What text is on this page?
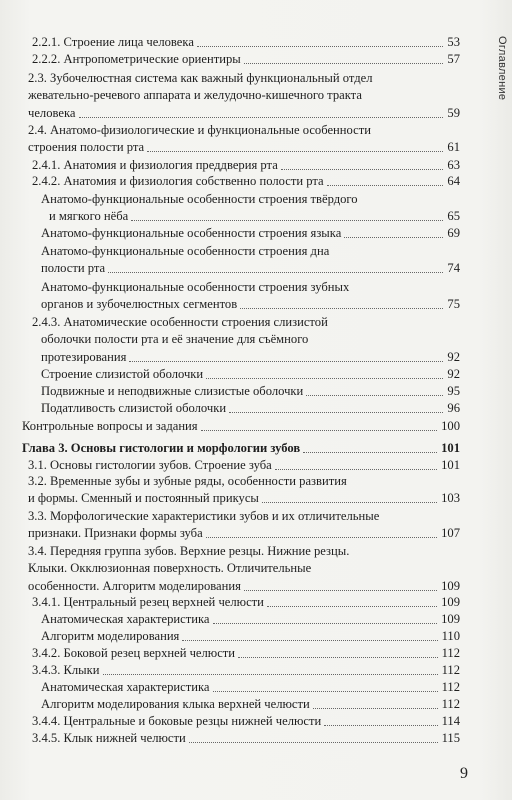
Оглавление
2.2.1. Строение лица человека	53
2.2.2. Антропометрические ориентиры	57
2.3. Зубочелюстная система как важный функциональный отдел
жевательно-речевого аппарата и желудочно-кишечного тракта
человека	59
2.4. Анатомо-физиологические и функциональные особенности
строения полости рта	61
2.4.1. Анатомия и физиология преддверия рта	63
2.4.2. Анатомия и физиология собственно полости рта	64
Анатомо-функциональные особенности строения твёрдого
и мягкого нёба	65
Анатомо-функциональные особенности строения языка	69
Анатомо-функциональные особенности строения дна
полости рта	74
Анатомо-функциональные особенности строения зубных
органов и зубочелюстных сегментов	75
2.4.3. Анатомические особенности строения слизистой
оболочки полости рта и её значение для съёмного
протезирования	92
Строение слизистой оболочки	92
Подвижные и неподвижные слизистые оболочки	95
Податливость слизистой оболочки	96
Контрольные вопросы и задания	100
Глава 3. Основы гистологии и морфологии зубов	101
3.1. Основы гистологии зубов. Строение зуба	101
3.2. Временные зубы и зубные ряды, особенности развития
и формы. Сменный и постоянный прикусы	103
3.3. Морфологические характеристики зубов и их отличительные
признаки. Признаки формы зуба	107
3.4. Передняя группа зубов. Верхние резцы. Нижние резцы.
Клыки. Окклюзионная поверхность. Отличительные
особенности. Алгоритм моделирования	109
3.4.1. Центральный резец верхней челюсти	109
Анатомическая характеристика	109
Алгоритм моделирования	110
3.4.2. Боковой резец верхней челюсти	112
3.4.3. Клыки	112
Анатомическая характеристика	112
Алгоритм моделирования клыка верхней челюсти	112
3.4.4. Центральные и боковые резцы нижней челюсти	114
3.4.5. Клык нижней челюсти	115
9
